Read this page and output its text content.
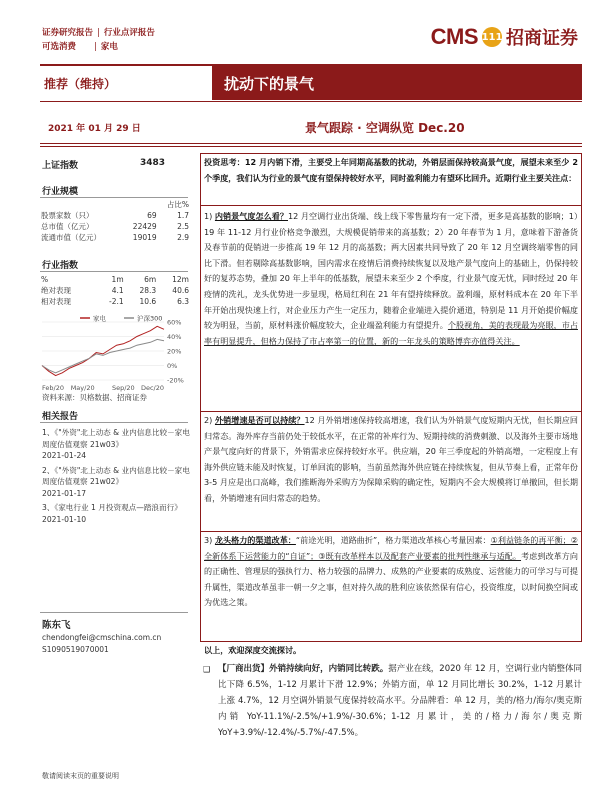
证券研究报告 | 行业点评报告
可选消费 | 家电	CMS 111 招商证券
推荐（维持）	扰动下的景气
2021 年 01 月 29 日	景气跟踪 · 空调纵览 Dec.20
上证指数	3483
行业规模
		占比%
股票家数（只）	69	1.7
总市值（亿元）	22429	2.5
流通市值（亿元）	19019	2.9
行业指数
%	1m	6m	12m
绝对表现	4.1	28.3	40.6
相对表现	-2.1	10.6	6.3
60%
40%
20%
0%
-20%
Feb/20 May/20	Sep/20 Dec/20
家电	沪深300
资料来源：贝格数据、招商证券
相关报告
1、《"外资"北上动态 & 业内信息比较－家电周度估值观察 21w03》
2021-01-24
2、《"外资"北上动态 & 业内信息比较－家电周度估值观察 21w02》
2021-01-17
3、《家电行业 1 月投资观点—踏浪而行》
2021-01-10
陈东飞
chendongfei@cmschina.com.cn
S1090519070001
投资思考：12 月内销下滑，主要受上年同期高基数的扰动，外销层面保持较高景气度，展望未来至少 2 个季度，我们认为行业的景气度有望保持较好水平，同时盈利能力有望环比回升。近期行业主要关注点：
1) 内销景气度怎么看？12 月空调行业出货端、线上线下零售量均有一定下滑，更多是高基数的影响；1）19 年 11-12 月行业价格竞争激烈，大规模促销带来的高基数；2）20 年春节为 1 月，意味着下游备货及春节前的促销进一步推高 19 年 12 月的高基数；两大因素共同导致了 20 年 12 月空调终端零售的同比下滑。但若剔除高基数影响，国内需求在疫情后消费持续恢复以及地产景气度向上的基础上，仍保持较好的复苏态势，叠加 20 年上半年的低基数，展望未来至少 2 个季度，行业景气度无忧，同时经过 20 年疫情的洗礼，龙头优势进一步显现，格局红利在 21 年有望持续释放。盈利端，原材料成本在 20 年下半年开始出现快速上行，对企业压力产生一定压力，随着企业端进入提价通道，特别是 11 月开始提价幅度较为明显，当前，原材料涨价幅度较大，企业端盈利能力有望提升。个股视角，美的表现最为亮眼，市占率有明显提升，但格力保持了市占率第一的位置，新的一年龙头的策略博弈亦值得关注。
2) 外销增速是否可以持续？12 月外销增速保持较高增速，我们认为外销景气度短期内无忧，但长期应回归常态。海外库存当前仍处于较低水平，在正常的补库行为、短期持续的消费刺激、以及海外主要市场地产景气度向好的背景下，外销需求应保持较好水平。供应端，20 年三季度起的外销高增，一定程度上有海外供应链未能及时恢复，订单回流的影响，当前虽然海外供应链在持续恢复，但从节奏上看，正常年份 3-5 月应是出口高峰，我们推断海外采购方为保障采购的确定性，短期内不会大规模将订单撤回，但长期看，外销增速有回归常态的趋势。
3) 龙头格力的渠道改革：“前途光明，道路曲折”，格力渠道改革核心考量因素：①利益链条的再平衡；②全新体系下运营能力的“自证”；③既有改革样本以及配套产业要素的批判性继承与适配。考虑到改革方向的正确性、管理层的强执行力、格力较强的品牌力、成熟的产业要素的成熟度、运营能力的可学习与可提升属性，渠道改革虽非一朝一夕之事，但对持久战的胜利应该依然保有信心，投资维度，以时间换空间或为优选之策。
以上，欢迎深度交流探讨。
❑ 【厂商出货】外销持续向好，内销同比转跌。据产业在线，2020 年 12 月，空调行业内销整体同比下降 6.5%，1-12 月累计下滑 12.9%；外销方面，单 12 月同比增长 30.2%，1-12 月累计上涨 4.7%，12 月空调外销景气度保持较高水平。分品牌看：单 12 月，美的/格力/海尔/奥克斯内销 YoY-11.1%/-2.5%/+1.9%/-30.6%；1-12 月累计，美的/格力/海尔/奥克斯 YoY+3.9%/-12.4%/-5.7%/-47.5%。
敬请阅读末页的重要说明
